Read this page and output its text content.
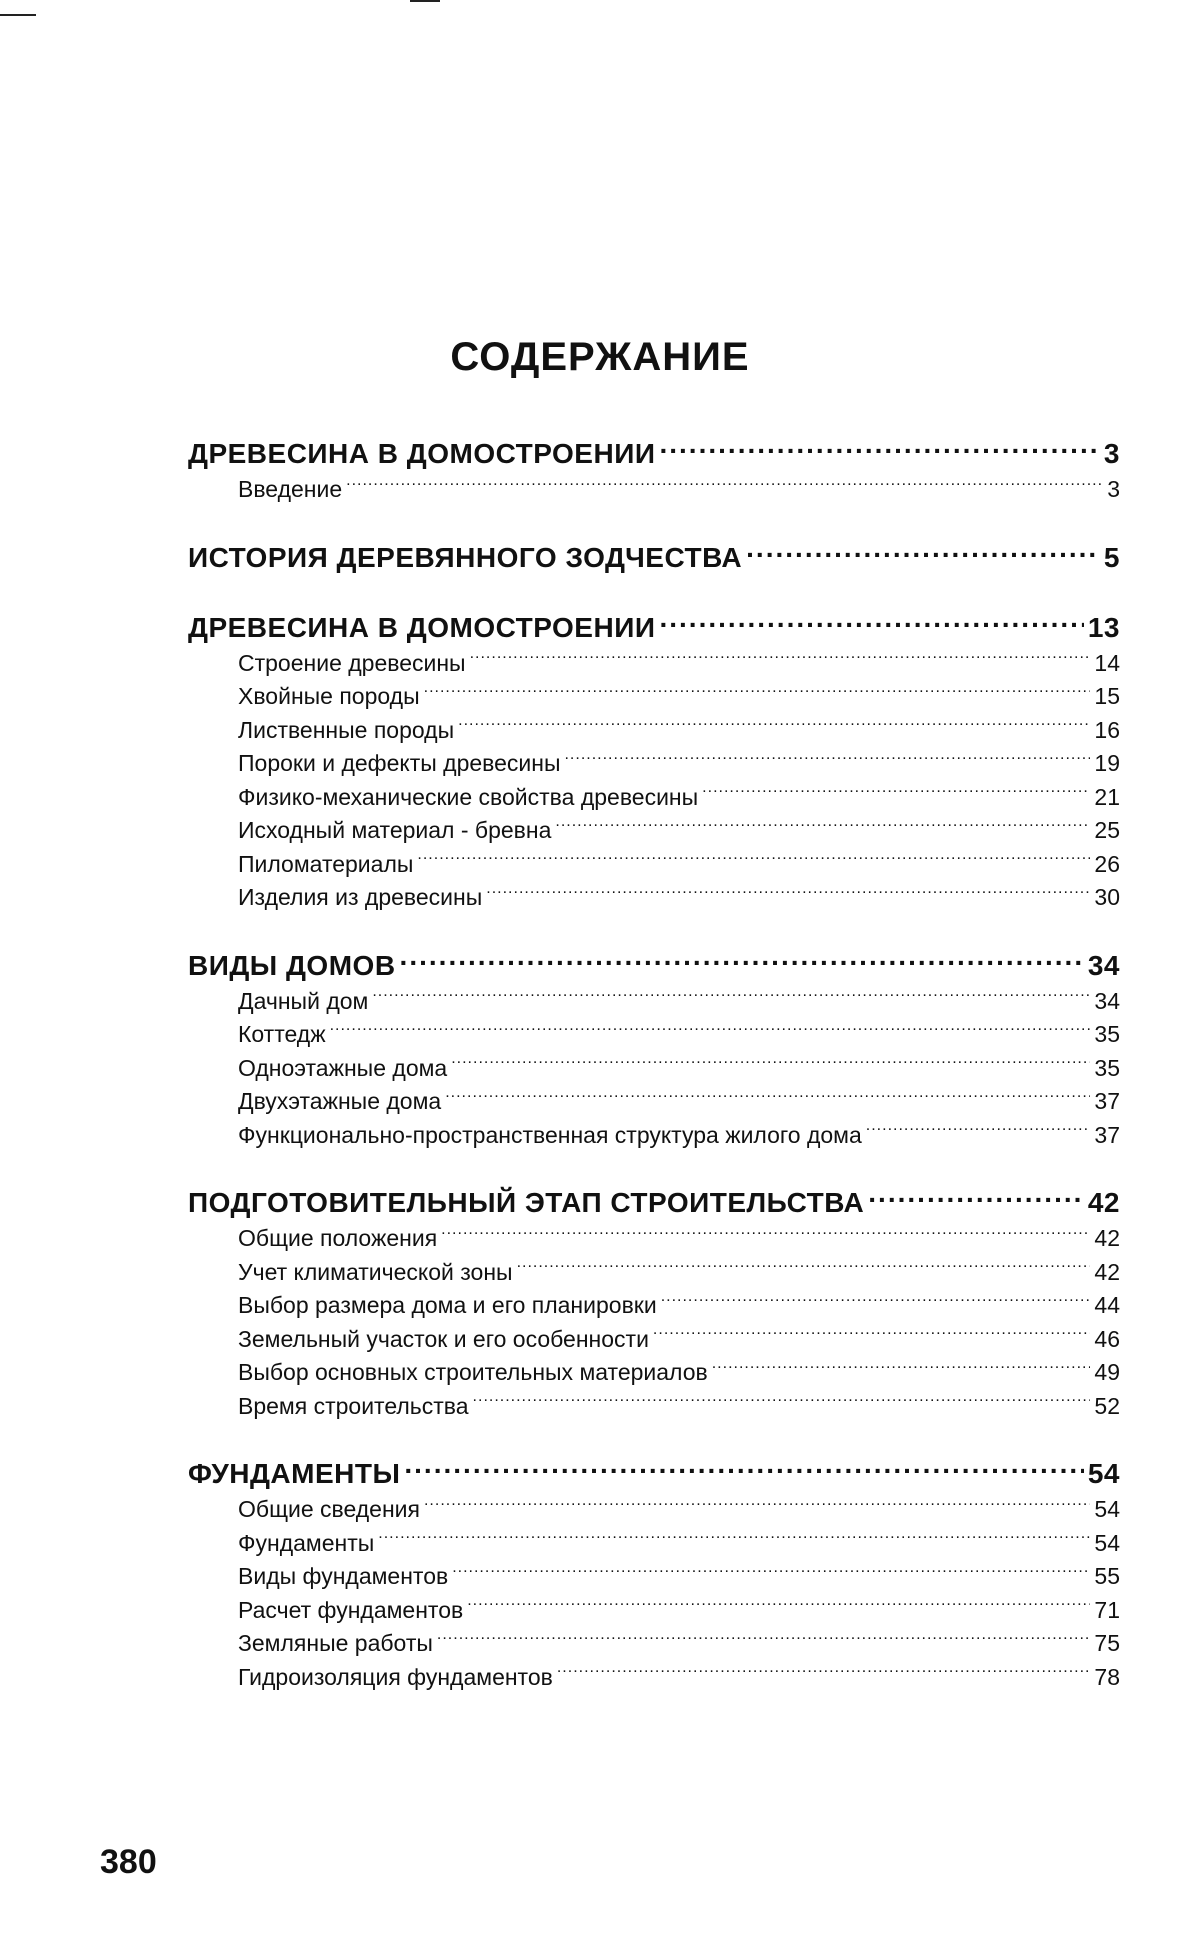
СОДЕРЖАНИЕ
ДРЕВЕСИНА В ДОМОСТРОЕНИИ .....	3
Введение .....	3
ИСТОРИЯ ДЕРЕВЯННОГО ЗОДЧЕСТВА .....	5
ДРЕВЕСИНА В ДОМОСТРОЕНИИ .....	13
Строение древесины .....	14
Хвойные породы .....	15
Лиственные породы .....	16
Пороки и дефекты древесины .....	19
Физико-механические свойства древесины .....	21
Исходный материал - бревна .....	25
Пиломатериалы .....	26
Изделия из древесины .....	30
ВИДЫ ДОМОВ .....	34
Дачный дом .....	34
Коттедж .....	35
Одноэтажные дома .....	35
Двухэтажные дома .....	37
Функционально-пространственная структура жилого дома .....	37
ПОДГОТОВИТЕЛЬНЫЙ ЭТАП СТРОИТЕЛЬСТВА .....	42
Общие положения .....	42
Учет климатической зоны .....	42
Выбор размера дома и его планировки .....	44
Земельный участок и его особенности .....	46
Выбор основных строительных материалов .....	49
Время строительства .....	52
ФУНДАМЕНТЫ .....	54
Общие сведения .....	54
Фундаменты .....	54
Виды фундаментов .....	55
Расчет фундаментов .....	71
Земляные работы .....	75
Гидроизоляция фундаментов .....	78
380
